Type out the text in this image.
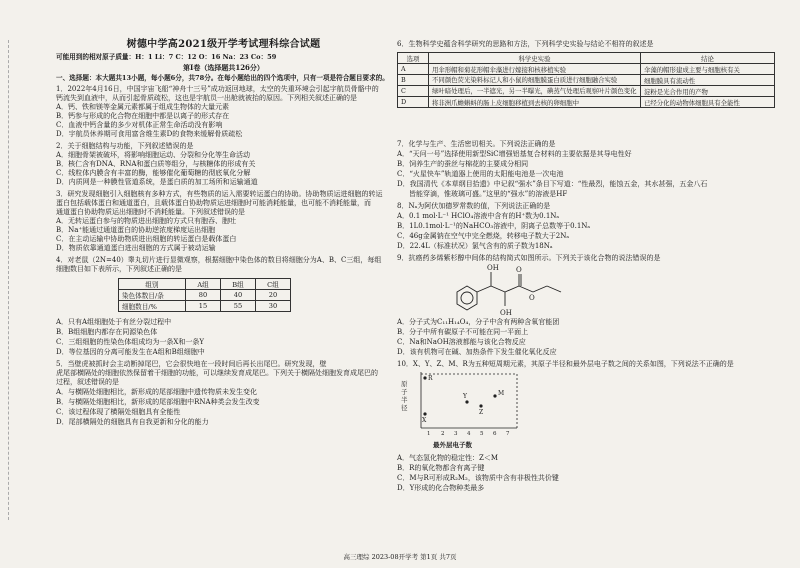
树德中学高2021级开学考试理科综合试题
可能用到的相对原子质量：H：1 Li：7 C：12 O：16 Na：23 Co：59
第Ⅰ卷（选择题共126分）
一、选择题：本大题共13小题，每小题6分，共78分。在每小题给出的四个选项中，只有一项是符合题目要求的。
1．2022年4月16日，中国宇宙飞船“神舟十三号”成功返回地球，太空的失重环境会引起宇航员骨骼中的
钙流失到血液中，从而引起骨质疏松，这也是宇航员一出舱就被抬的原因。下列相关叙述正确的是
A．钙、铁和镁等金属元素都属于组成生物体的大量元素
B．钙参与形成的化合物在细胞中都是以离子的形式存在
C．血液中钙含量的多少对机体正常生命活动没有影响
D．宇航员休养期可食用富含维生素D的食物来缓解骨质疏松
2．关于细胞结构与功能，下列叙述错误的是
A．细胞骨架被破坏，将影响细胞运动、分裂和分化等生命活动
B．核仁含有DNA、RNA和蛋白质等组分，与核糖体的形成有关
C．线粒体内膜含有丰富的酶，能够催化葡萄糖的彻底氧化分解
D．内质网是一种膜性管道系统，是蛋白质的加工场所和运输通道
3．研究发现细胞引入细胞核有多种方式，有些物质的运入需要转运蛋白的协助。协助物质运进细胞的转运
蛋白包括载体蛋白和通道蛋白，且载体蛋白协助物质运进细胞时可能消耗能量，也可能不消耗能量，而
通道蛋白协助物质运出细胞时不消耗能量。下列叙述错误的是
A．无转运蛋白参与的物质进出细胞的方式只有胞吞、胞吐
B．Na⁺能通过通道蛋白的协助逆浓度梯度运出细胞
C．在主动运输中协助物质进出细胞的转运蛋白是载体蛋白
D．物质依靠通道蛋白进出细胞的方式属于被动运输
4．对老鼠（2N=40）睾丸切片进行显微观察，根据细胞中染色体的数目将细胞分为A、B、C三组，每组
细胞数目如下表所示，下列叙述正确的是
组别	A组	B组	C组
染色体数目/条	80	40	20
细胞数目/%	15	55	30
A．只有A组细胞处于有丝分裂过程中
B．B组细胞内都存在同源染色体
C．三组细胞的性染色体组成均为一条X和一条Y
D．等位基因的分离可能发生在A组和B组细胞中
5．当壁虎被抓时会主动断掉尾巴，它会很快地在一段时间后再长出尾巴。研究发现，壁
虎尾部横隔处的细胞依然保留着干细胞的功能，可以继续发育成尾巴。下列关于横隔处细胞发育成尾巴的
过程，叙述错误的是
A．与横隔处细胞相比，新形成的尾部细胞中遗传物质未发生变化
B．与横隔处细胞相比，新形成的尾部细胞中RNA种类会发生改变
C．该过程体现了横隔处细胞具有全能性
D．尾部横隔处的细胞具有自我更新和分化的能力
6．生物科学史蕴含科学研究的思路和方法，下列科学史实验与结论不相符的叙述是
选项	科学史实验	结论
A	用伞形帽和菊花形帽伞藻进行嫁接和核移植实验	伞藻的帽形建成主要与细胞核有关
B	不同颜色荧光染料标记人和小鼠的细胞膜蛋白质进行细胞融合实验	细胞膜具有流动性
C	绿叶暗处理后，一半遮光，另一半曝光，碘蒸气处理后观察叶片颜色变化	淀粉是光合作用的产物
D	将非洲爪蟾蝌蚪的肠上皮细胞移植到去核的卵细胞中	已经分化的动物体细胞具有全能性
7．化学与生产、生活密切相关。下列说法正确的是
A．“天问一号”选择使用新型SiC增强铝基复合材料的主要依据是其导电性好
B．饲养生产的蚕丝与棉花的主要成分相同
C．“火星快车”轨道器上使用的太阳能电池是一次电池
D．我国清代《本草纲目拾遗》中记叙“强水”条目下写道：“性最烈，能蚀五金，其水甚强，五金八石
皆能穿滴，惟玻璃可盛。”这里的“强水”的溶液是HF
8．Nₐ为阿伏加德罗常数的值，下列说法正确的是
A．0.1 mol·L⁻¹ HClO₄溶液中含有的H⁺数为0.1Nₐ
B．1L0.1mol·L⁻¹的NaHCO₃溶液中，阴离子总数等于0.1Nₐ
C．46g金属钠在空气中完全燃烧，转移电子数大于2Nₐ
D．22.4L（标准状况）氯气含有的质子数为18Nₐ
9．抗癌药多烯紫杉醇中间体的结构简式如图所示。下列关于该化合物的说法错误的是
OH
OH
O
O
A．分子式为C₁₁H₁₄O₄，分子中含有两种含氧官能团
B．分子中所有碳原子不可能在同一平面上
C．Na和NaOH溶液都能与该化合物反应
D．该有机物可在碱、加热条件下发生催化氧化反应
10．X、Y、Z、M、R为五种短周期元素，其原子半径和最外层电子数之间的关系如图，下列说法不正确的是
原子半径
R
X
Y
Z
M
1 2 3 4 5 6 7
最外层电子数
A．气态氢化物的稳定性：Z＜M
B．R的氧化物都含有离子键
C．M与R可形成R₂M₂，该物质中含有非极性共价键
D．Y形成的化合物种类最多
高三理综 2023-08开学考 第1页 共7页
